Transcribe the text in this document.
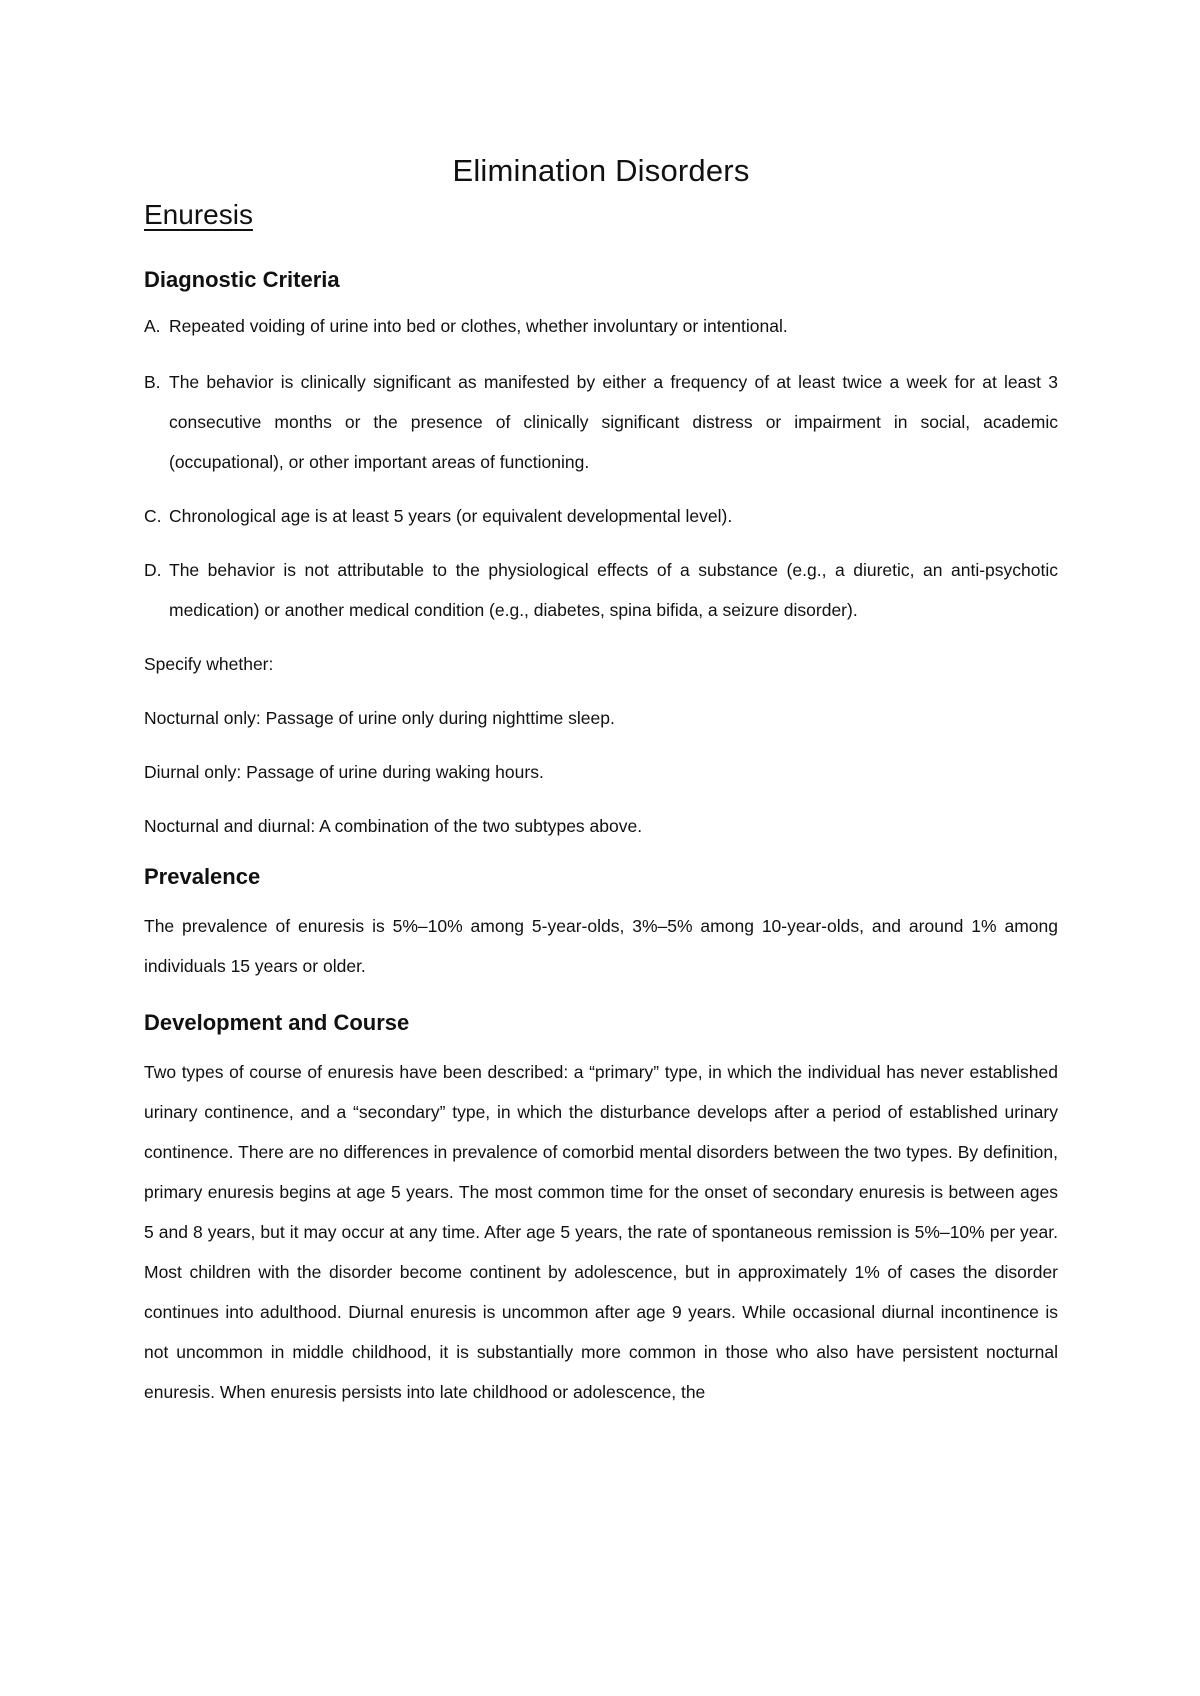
Elimination Disorders
Enuresis
Diagnostic Criteria
A. Repeated voiding of urine into bed or clothes, whether involuntary or intentional.
B. The behavior is clinically significant as manifested by either a frequency of at least twice a week for at least 3 consecutive months or the presence of clinically significant distress or impairment in social, academic (occupational), or other important areas of functioning.
C. Chronological age is at least 5 years (or equivalent developmental level).
D. The behavior is not attributable to the physiological effects of a substance (e.g., a diuretic, an anti-psychotic medication) or another medical condition (e.g., diabetes, spina bifida, a seizure disorder).

Specify whether:

Nocturnal only: Passage of urine only during nighttime sleep.

Diurnal only: Passage of urine during waking hours.

Nocturnal and diurnal: A combination of the two subtypes above.

Prevalence

The prevalence of enuresis is 5%–10% among 5-year-olds, 3%–5% among 10-year-olds, and around 1% among individuals 15 years or older.

Development and Course

Two types of course of enuresis have been described: a “primary” type, in which the individual has never established urinary continence, and a “secondary” type, in which the disturbance develops after a period of established urinary continence. There are no differences in prevalence of comorbid mental disorders between the two types. By definition, primary enuresis begins at age 5 years. The most common time for the onset of secondary enuresis is between ages 5 and 8 years, but it may occur at any time. After age 5 years, the rate of spontaneous remission is 5%–10% per year. Most children with the disorder become continent by adolescence, but in approximately 1% of cases the disorder continues into adulthood. Diurnal enuresis is uncommon after age 9 years. While occasional diurnal incontinence is not uncommon in middle childhood, it is substantially more common in those who also have persistent nocturnal enuresis. When enuresis persists into late childhood or adolescence, the
